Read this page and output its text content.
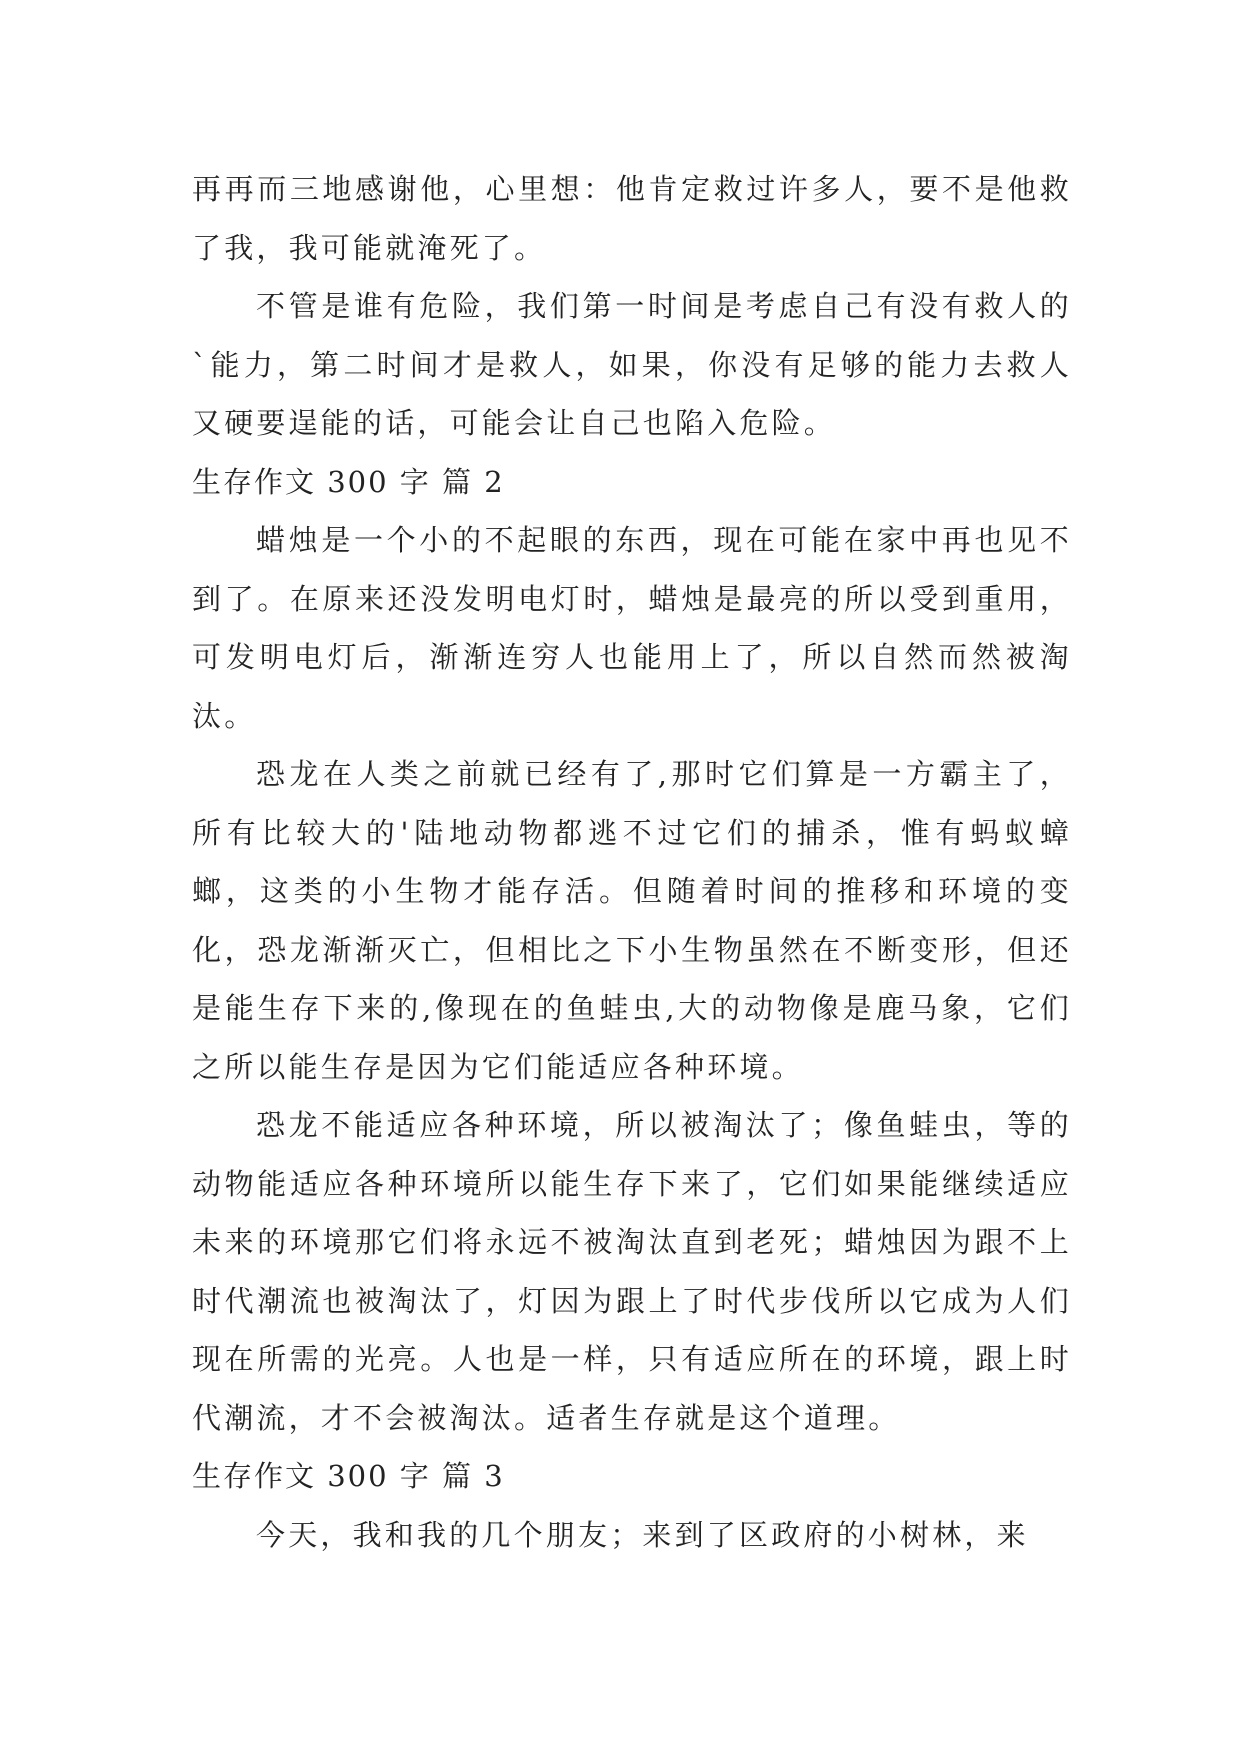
再再而三地感谢他，心里想：他肯定救过许多人，要不是他救了我，我可能就淹死了。

不管是谁有危险，我们第一时间是考虑自己有没有救人的`能力，第二时间才是救人，如果，你没有足够的能力去救人又硬要逞能的话，可能会让自己也陷入危险。

生存作文 300 字 篇 2

蜡烛是一个小的不起眼的东西，现在可能在家中再也见不到了。在原来还没发明电灯时，蜡烛是最亮的所以受到重用，可发明电灯后，渐渐连穷人也能用上了，所以自然而然被淘汰。

恐龙在人类之前就已经有了,那时它们算是一方霸主了，所有比较大的'陆地动物都逃不过它们的捕杀，惟有蚂蚁蟑螂，这类的小生物才能存活。但随着时间的推移和环境的变化，恐龙渐渐灭亡，但相比之下小生物虽然在不断变形，但还是能生存下来的,像现在的鱼蛙虫,大的动物像是鹿马象，它们之所以能生存是因为它们能适应各种环境。

恐龙不能适应各种环境，所以被淘汰了；像鱼蛙虫，等的动物能适应各种环境所以能生存下来了，它们如果能继续适应未来的环境那它们将永远不被淘汰直到老死；蜡烛因为跟不上时代潮流也被淘汰了，灯因为跟上了时代步伐所以它成为人们现在所需的光亮。人也是一样，只有适应所在的环境，跟上时代潮流，才不会被淘汰。适者生存就是这个道理。

生存作文 300 字 篇 3

今天，我和我的几个朋友；来到了区政府的小树林，来
